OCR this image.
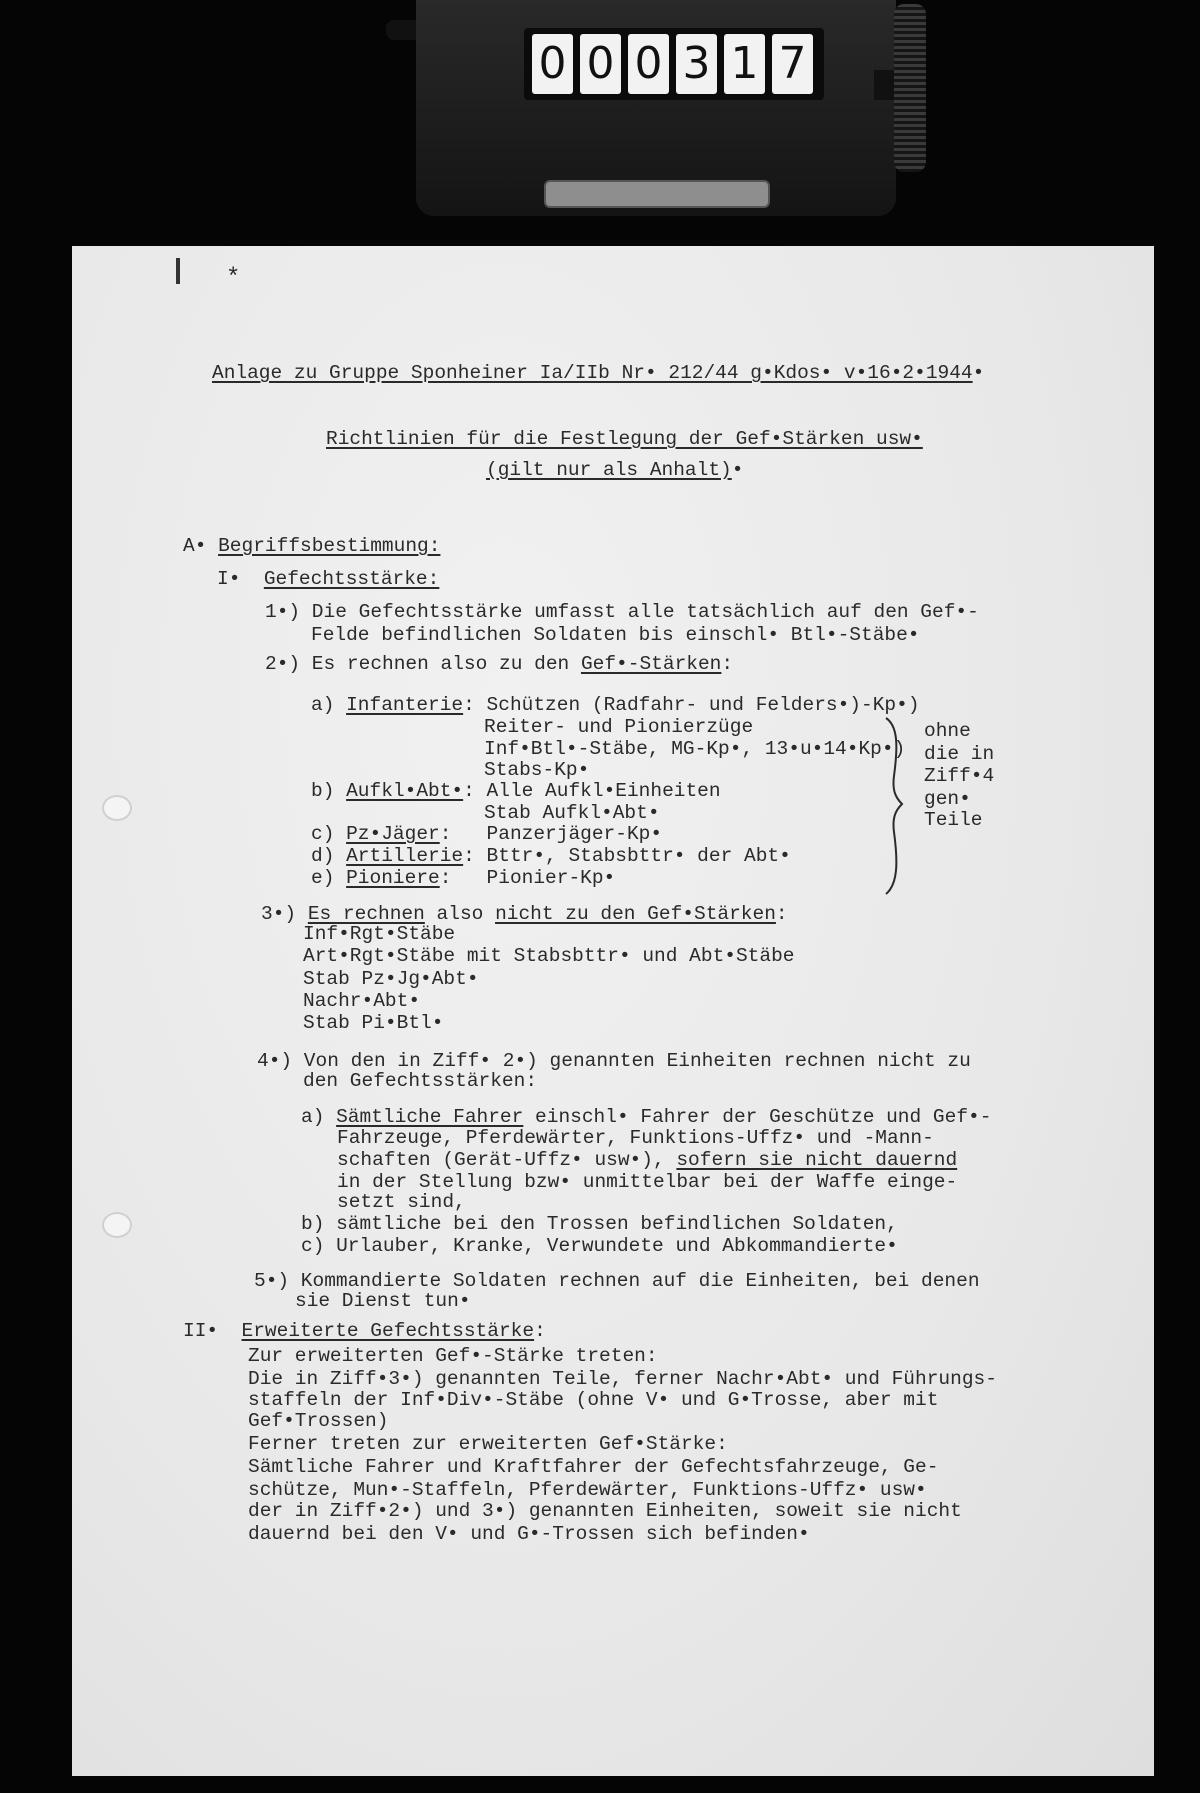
0 0 0 3 1 7
*
Anlage zu Gruppe Sponheiner Ia/IIb Nr• 212/44 g•Kdos• v•16•2•1944•
Richtlinien für die Festlegung der Gef•Stärken usw•
(gilt nur als Anhalt)•
A• Begriffsbestimmung:
I•  Gefechtsstärke:
1•) Die Gefechtsstärke umfasst alle tatsächlich auf den Gef•-
Felde befindlichen Soldaten bis einschl• Btl•-Stäbe•
2•) Es rechnen also zu den Gef•-Stärken:
a) Infanterie: Schützen (Radfahr- und Felders•)-Kp•)
Reiter- und Pionierzüge
Inf•Btl•-Stäbe, MG-Kp•, 13•u•14•Kp•)
Stabs-Kp•
b) Aufkl•Abt•: Alle Aufkl•Einheiten
Stab Aufkl•Abt•
c) Pz•Jäger:   Panzerjäger-Kp•
d) Artillerie: Bttr•, Stabsbttr• der Abt•
e) Pioniere:   Pionier-Kp•
ohne
die in
Ziff•4
gen•
Teile
3•) Es rechnen also nicht zu den Gef•Stärken:
Inf•Rgt•Stäbe
Art•Rgt•Stäbe mit Stabsbttr• und Abt•Stäbe
Stab Pz•Jg•Abt•
Nachr•Abt•
Stab Pi•Btl•
4•) Von den in Ziff• 2•) genannten Einheiten rechnen nicht zu
den Gefechtsstärken:
a) Sämtliche Fahrer einschl• Fahrer der Geschütze und Gef•-
Fahrzeuge, Pferdewärter, Funktions-Uffz• und -Mann-
schaften (Gerät-Uffz• usw•), sofern sie nicht dauernd
in der Stellung bzw• unmittelbar bei der Waffe einge-
setzt sind,
b) sämtliche bei den Trossen befindlichen Soldaten,
c) Urlauber, Kranke, Verwundete und Abkommandierte•
5•) Kommandierte Soldaten rechnen auf die Einheiten, bei denen
sie Dienst tun•
II•  Erweiterte Gefechtsstärke:
Zur erweiterten Gef•-Stärke treten:
Die in Ziff•3•) genannten Teile, ferner Nachr•Abt• und Führungs-
staffeln der Inf•Div•-Stäbe (ohne V• und G•Trosse, aber mit
Gef•Trossen)
Ferner treten zur erweiterten Gef•Stärke:
Sämtliche Fahrer und Kraftfahrer der Gefechtsfahrzeuge, Ge-
schütze, Mun•-Staffeln, Pferdewärter, Funktions-Uffz• usw•
der in Ziff•2•) und 3•) genannten Einheiten, soweit sie nicht
dauernd bei den V• und G•-Trossen sich befinden•
